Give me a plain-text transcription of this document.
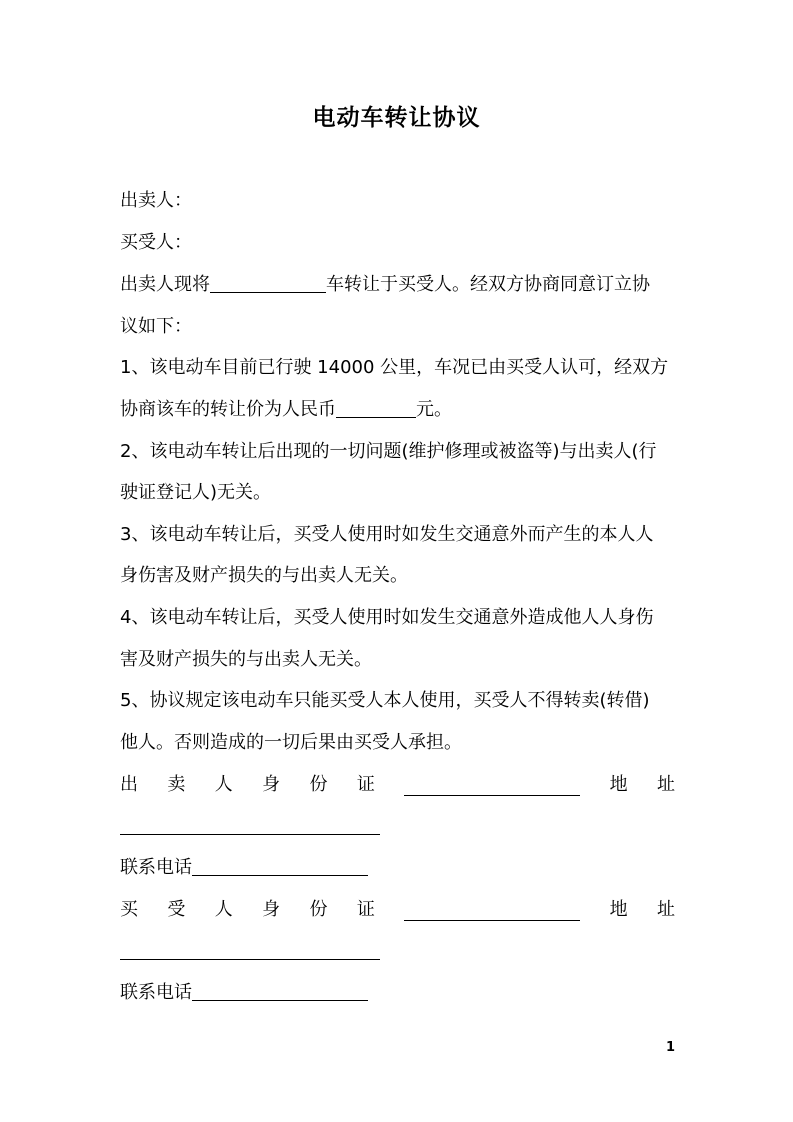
电动车转让协议
出卖人：
买受人：
出卖人现将	车转让于买受人。经双方协商同意订立协
议如下：
1、该电动车目前已行驶 14000 公里，车况已由买受人认可，经双方
协商该车的转让价为人民币	元。
2、该电动车转让后出现的一切问题(维护修理或被盗等)与出卖人(行
驶证登记人)无关。
3、该电动车转让后，买受人使用时如发生交通意外而产生的本人人
身伤害及财产损失的与出卖人无关。
4、该电动车转让后，买受人使用时如发生交通意外造成他人人身伤
害及财产损失的与出卖人无关。
5、协议规定该电动车只能买受人本人使用，买受人不得转卖(转借)
他人。否则造成的一切后果由买受人承担。
出 卖 人 身 份 证	地 址
联系电话
买 受 人 身 份 证	地 址
联系电话
1
